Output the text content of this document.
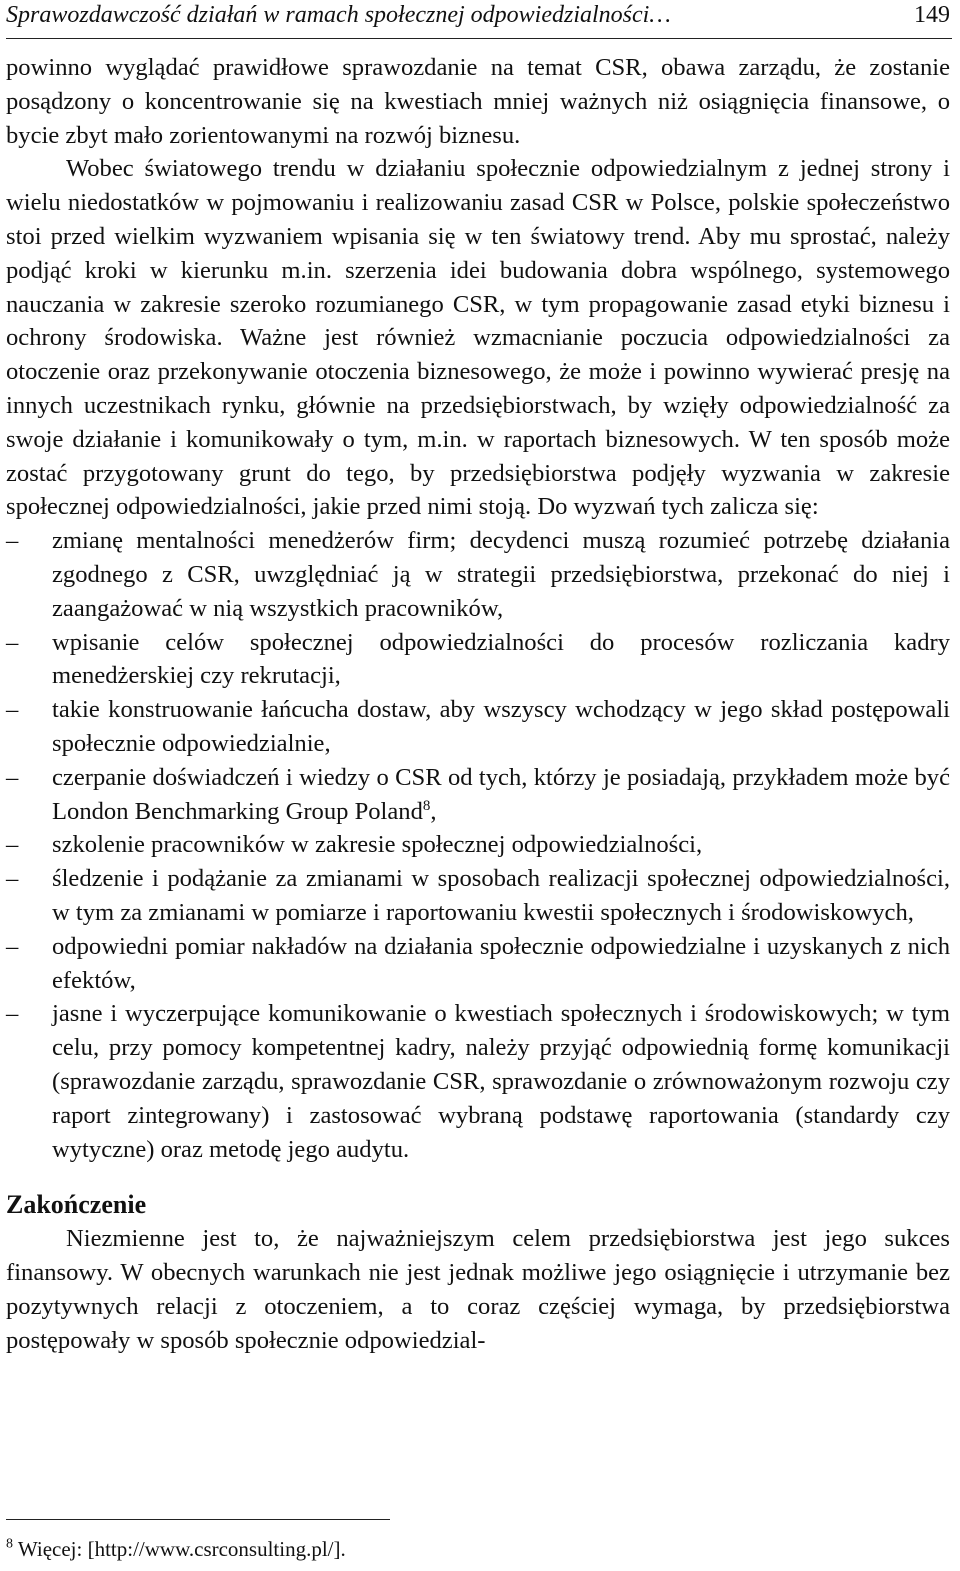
Sprawozdawczość działań w ramach społecznej odpowiedzialności…	149

powinno wyglądać prawidłowe sprawozdanie na temat CSR, obawa zarządu, że zostanie posądzony o koncentrowanie się na kwestiach mniej ważnych niż osiągnięcia finansowe, o bycie zbyt mało zorientowanymi na rozwój biznesu.

Wobec światowego trendu w działaniu społecznie odpowiedzialnym z jednej strony i wielu niedostatków w pojmowaniu i realizowaniu zasad CSR w Polsce, polskie społeczeństwo stoi przed wielkim wyzwaniem wpisania się w ten światowy trend. Aby mu sprostać, należy podjąć kroki w kierunku m.in. szerzenia idei budowania dobra wspólnego, systemowego nauczania w zakresie szeroko rozumianego CSR, w tym propagowanie zasad etyki biznesu i ochrony środowiska. Ważne jest również wzmacnianie poczucia odpowiedzialności za otoczenie oraz przekonywanie otoczenia biznesowego, że może i powinno wywierać presję na innych uczestnikach rynku, głównie na przedsiębiorstwach, by wzięły odpowiedzialność za swoje działanie i komunikowały o tym, m.in. w raportach biznesowych. W ten sposób może zostać przygotowany grunt do tego, by przedsiębiorstwa podjęły wyzwania w zakresie społecznej odpowiedzialności, jakie przed nimi stoją. Do wyzwań tych zalicza się:

–	zmianę mentalności menedżerów firm; decydenci muszą rozumieć potrzebę działania zgodnego z CSR, uwzględniać ją w strategii przedsiębiorstwa, przekonać do niej i zaangażować w nią wszystkich pracowników,
–	wpisanie celów społecznej odpowiedzialności do procesów rozliczania kadry menedżerskiej czy rekrutacji,
–	takie konstruowanie łańcucha dostaw, aby wszyscy wchodzący w jego skład postępowali społecznie odpowiedzialnie,
–	czerpanie doświadczeń i wiedzy o CSR od tych, którzy je posiadają, przykładem może być London Benchmarking Group Poland$^8$,
–	szkolenie pracowników w zakresie społecznej odpowiedzialności,
–	śledzenie i podążanie za zmianami w sposobach realizacji społecznej odpowiedzialności, w tym za zmianami w pomiarze i raportowaniu kwestii społecznych i środowiskowych,
–	odpowiedni pomiar nakładów na działania społecznie odpowiedzialne i uzyskanych z nich efektów,
–	jasne i wyczerpujące komunikowanie o kwestiach społecznych i środowiskowych; w tym celu, przy pomocy kompetentnej kadry, należy przyjąć odpowiednią formę komunikacji (sprawozdanie zarządu, sprawozdanie CSR, sprawozdanie o zrównoważonym rozwoju czy raport zintegrowany) i zastosować wybraną podstawę raportowania (standardy czy wytyczne) oraz metodę jego audytu.
Zakończenie

Niezmienne jest to, że najważniejszym celem przedsiębiorstwa jest jego sukces finansowy. W obecnych warunkach nie jest jednak możliwe jego osiągnięcie i utrzymanie bez pozytywnych relacji z otoczeniem, a to coraz częściej wymaga, by przedsiębiorstwa postępowały w sposób społecznie odpowiedzial-

$^8$ Więcej: [http://www.csrconsulting.pl/].
